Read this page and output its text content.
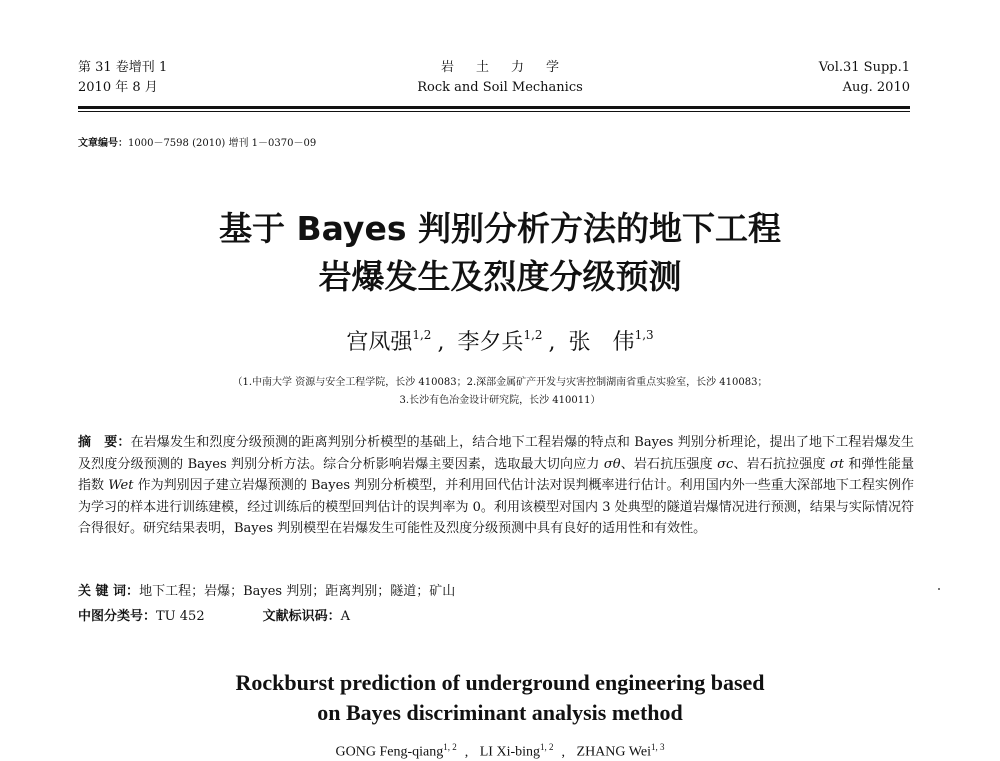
第 31 卷增刊 1
2010 年 8 月
岩土力学
Rock and Soil Mechanics
Vol.31 Supp.1
Aug. 2010
文章编号：1000－7598 (2010) 增刊 1－0370－09
基于 Bayes 判别分析方法的地下工程
岩爆发生及烈度分级预测
宫凤强$^{1,2}$ , 李夕兵$^{1,2}$ , 张　伟$^{1,3}$
（1.中南大学 资源与安全工程学院，长沙 410083；2.深部金属矿产开发与灾害控制湖南省重点实验室，长沙 410083；
3.长沙有色冶金设计研究院，长沙 410011）
摘　要：在岩爆发生和烈度分级预测的距离判别分析模型的基础上，结合地下工程岩爆的特点和 Bayes 判别分析理论，提出了地下工程岩爆发生及烈度分级预测的 Bayes 判别分析方法。综合分析影响岩爆主要因素，选取最大切向应力 σθ、岩石抗压强度 σc、岩石抗拉强度 σt 和弹性能量指数 Wet 作为判别因子建立岩爆预测的 Bayes 判别分析模型，并利用回代估计法对误判概率进行估计。利用国内外一些重大深部地下工程实例作为学习的样本进行训练建模，经过训练后的模型回判估计的误判率为 0。利用该模型对国内 3 处典型的隧道岩爆情况进行预测，结果与实际情况符合得很好。研究结果表明，Bayes 判别模型在岩爆发生可能性及烈度分级预测中具有良好的适用性和有效性。
关 键 词：地下工程；岩爆；Bayes 判别；距离判别；隧道；矿山
中图分类号：TU 452	文献标识码：A
Rockburst prediction of underground engineering based
on Bayes discriminant analysis method
GONG Feng-qiang$^{1, 2}$ , LI Xi-bing$^{1, 2}$ , ZHANG Wei$^{1, 3}$
